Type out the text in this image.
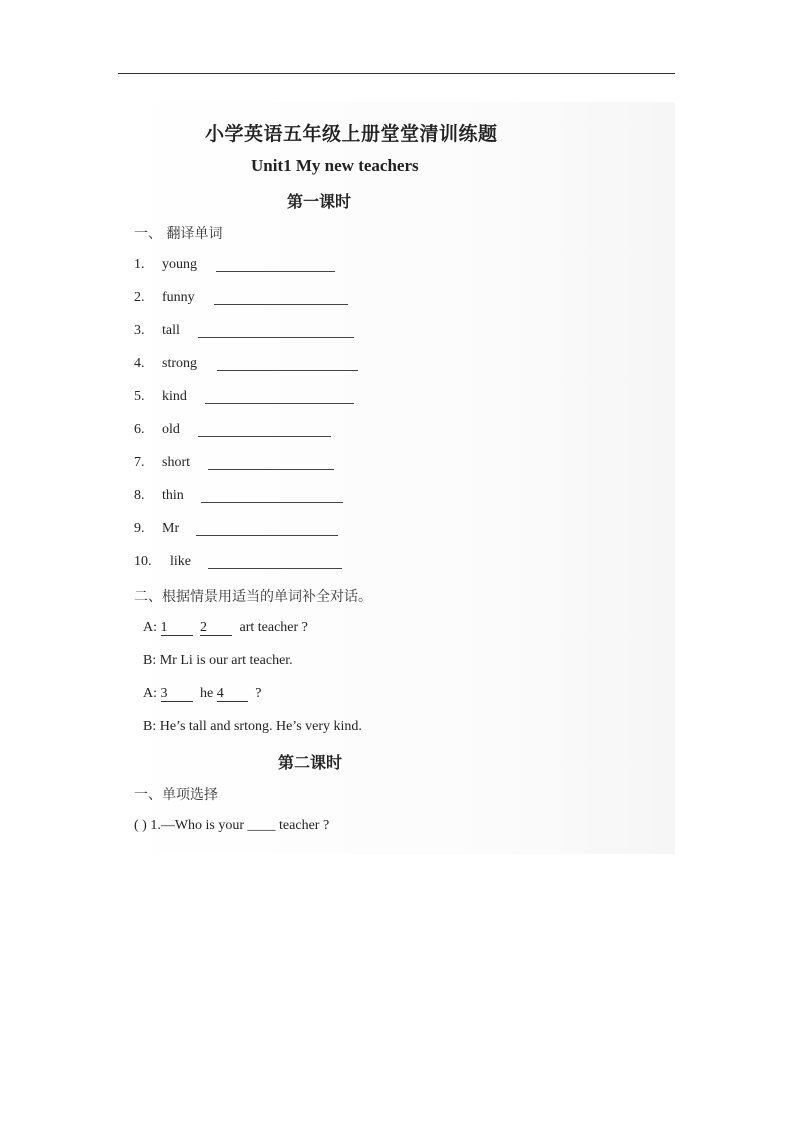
小学英语五年级上册堂堂清训练题
Unit1 My new teachers
第一课时
一、 翻译单词
1. young
2. funny
3. tall
4. strong
5. kind
6. old
7. short
8. thin
9. Mr
10. like
二、根据情景用适当的单词补全对话。
A: 1 2 art teacher ?
B: Mr Li is our art teacher.
A: 3 he 4 ?
B: He’s tall and srtong. He’s very kind.
第二课时
一、单项选择
( ) 1.—Who is your ____ teacher ?
